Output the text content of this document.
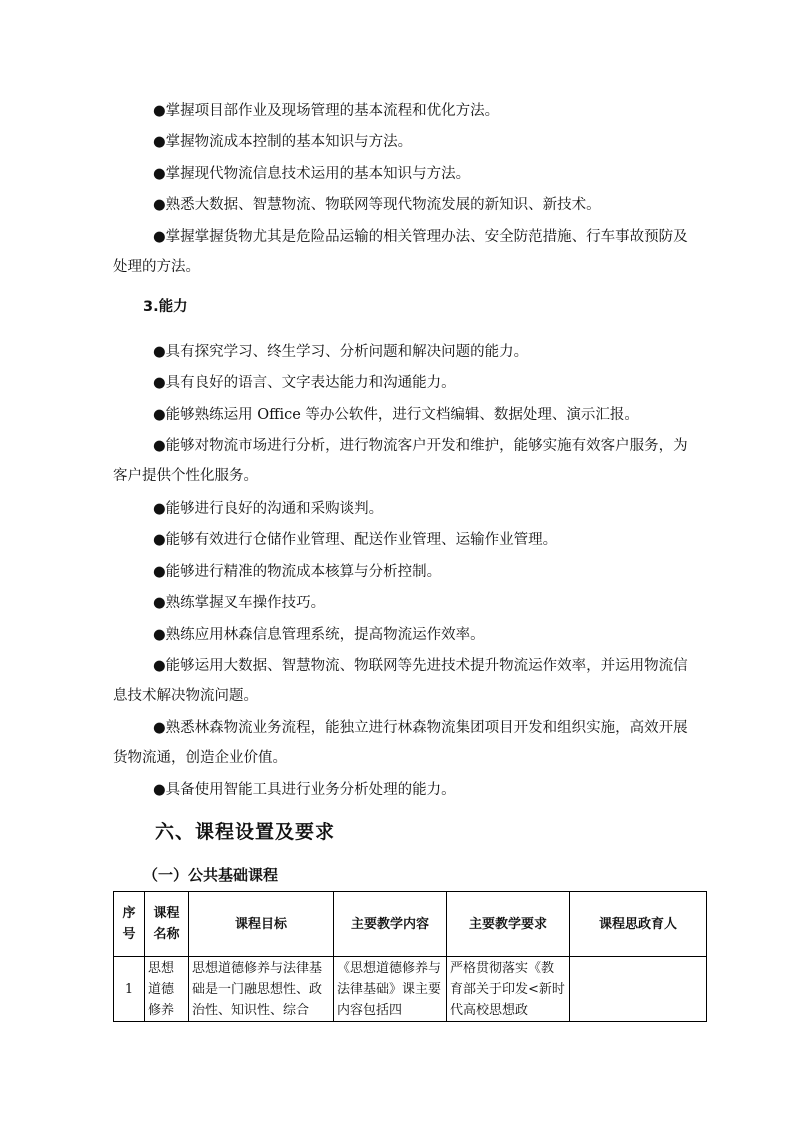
●掌握项目部作业及现场管理的基本流程和优化方法。
●掌握物流成本控制的基本知识与方法。
●掌握现代物流信息技术运用的基本知识与方法。
●熟悉大数据、智慧物流、物联网等现代物流发展的新知识、新技术。
●掌握掌握货物尤其是危险品运输的相关管理办法、安全防范措施、行车事故预防及处理的方法。
3.能力
●具有探究学习、终生学习、分析问题和解决问题的能力。
●具有良好的语言、文字表达能力和沟通能力。
●能够熟练运用 Office 等办公软件，进行文档编辑、数据处理、演示汇报。
●能够对物流市场进行分析，进行物流客户开发和维护，能够实施有效客户服务，为客户提供个性化服务。
●能够进行良好的沟通和采购谈判。
●能够有效进行仓储作业管理、配送作业管理、运输作业管理。
●能够进行精准的物流成本核算与分析控制。
●熟练掌握叉车操作技巧。
●熟练应用林森信息管理系统，提高物流运作效率。
●能够运用大数据、智慧物流、物联网等先进技术提升物流运作效率，并运用物流信息技术解决物流问题。
●熟悉林森物流业务流程，能独立进行林森物流集团项目开发和组织实施，高效开展货物流通，创造企业价值。
●具备使用智能工具进行业务分析处理的能力。
六、课程设置及要求
（一）公共基础课程
序号	课程名称	课程目标	主要教学内容	主要教学要求	课程思政育人
1	思想道德修养	思想道德修养与法律基础是一门融思想性、政治性、知识性、综合	《思想道德修养与法律基础》课主要内容包括四	严格贯彻落实《教育部关于印发<新时代高校思想政	
